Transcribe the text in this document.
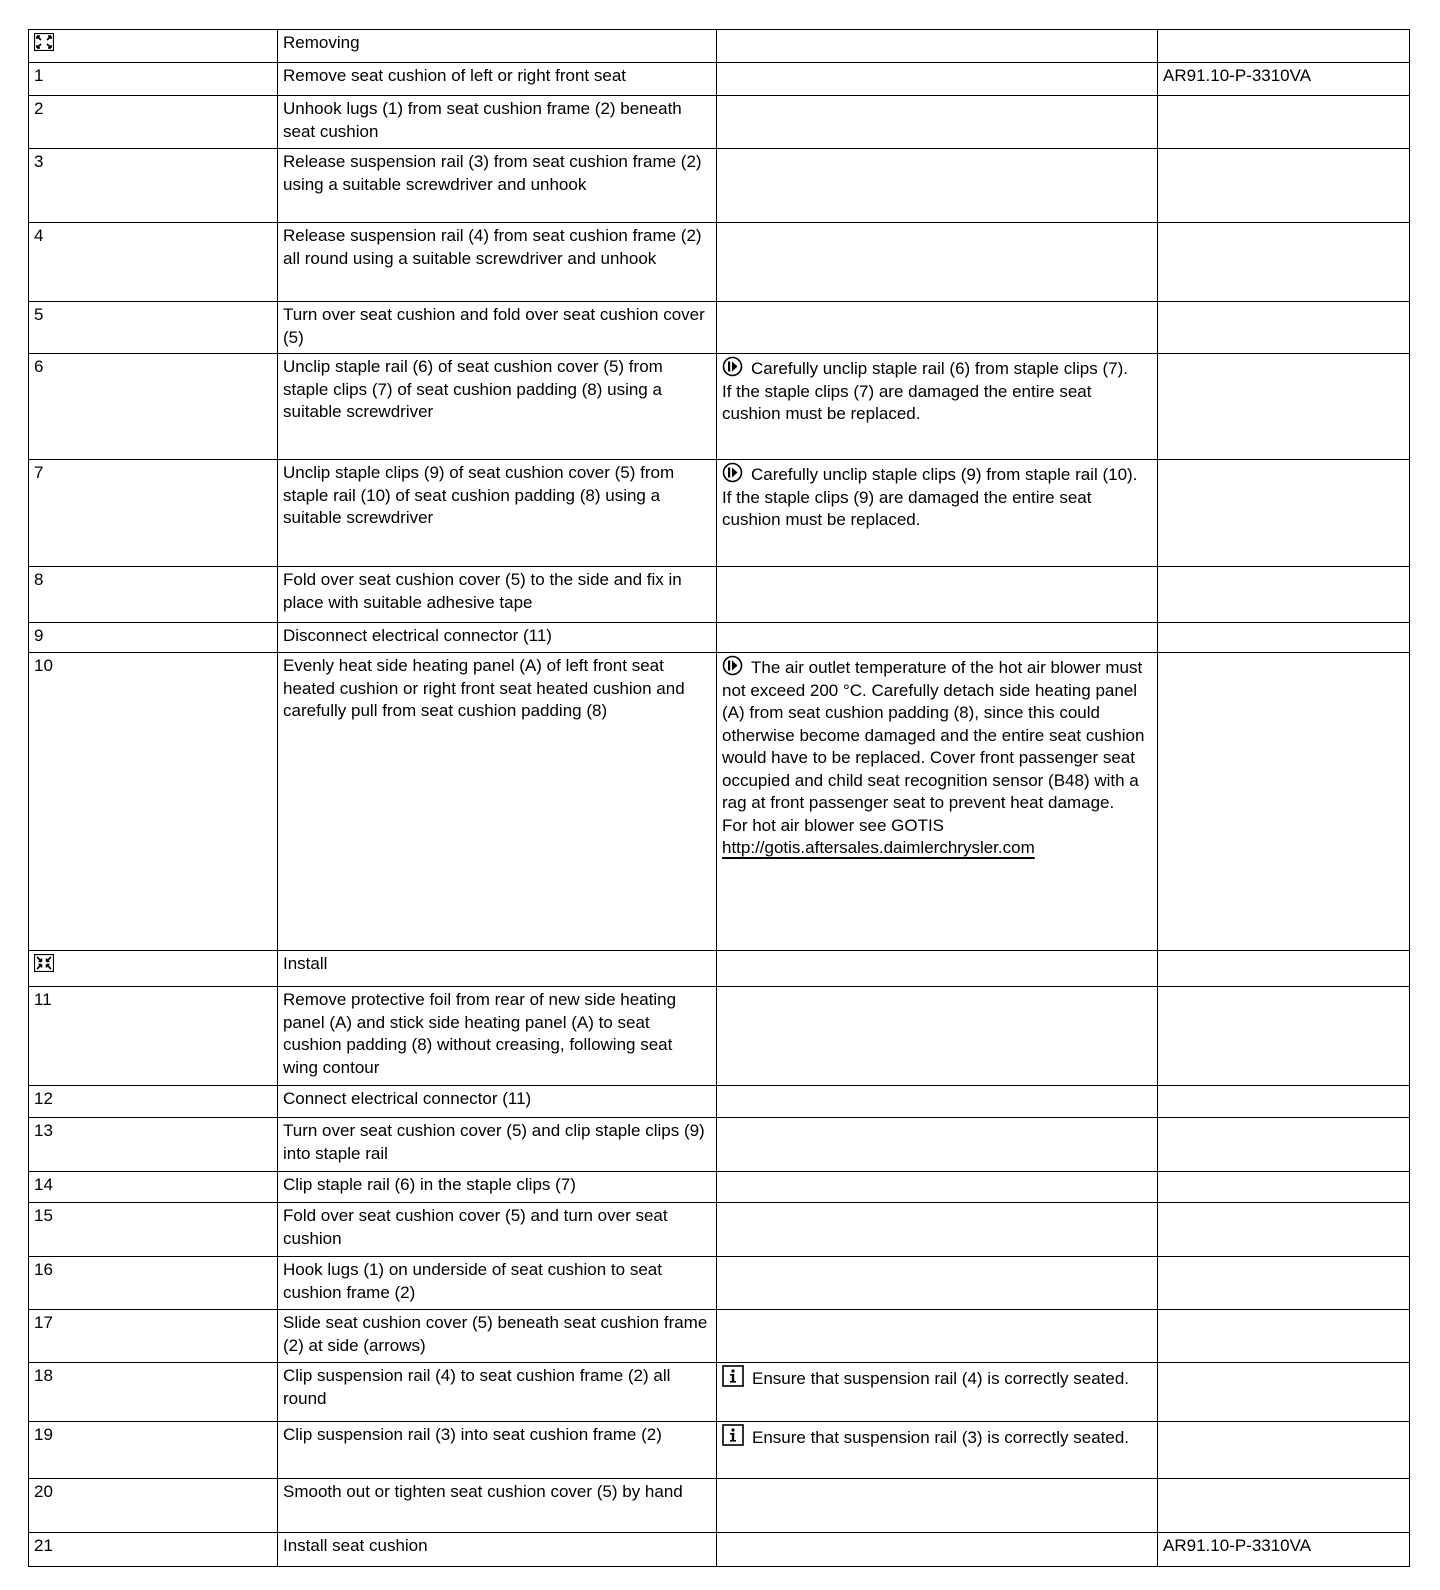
	Removing		
1	Remove seat cushion of left or right front seat		AR91.10-P-3310VA
2	Unhook lugs (1) from seat cushion frame (2) beneath seat cushion		
3	Release suspension rail (3) from seat cushion frame (2) using a suitable screwdriver and unhook		
4	Release suspension rail (4) from seat cushion frame (2) all round using a suitable screwdriver and unhook		
5	Turn over seat cushion and fold over seat cushion cover (5)		
6	Unclip staple rail (6) of seat cushion cover (5) from staple clips (7) of seat cushion padding (8) using a suitable screwdriver	Carefully unclip staple rail (6) from staple clips (7).
If the staple clips (7) are damaged the entire seat cushion must be replaced.	

7	Unclip staple clips (9) of seat cushion cover (5) from staple rail (10) of seat cushion padding (8) using a suitable screwdriver	Carefully unclip staple clips (9) from staple rail (10).
If the staple clips (9) are damaged the entire seat cushion must be replaced.	

8	Fold over seat cushion cover (5) to the side and fix in place with suitable adhesive tape		
9	Disconnect electrical connector (11)		
10	Evenly heat side heating panel (A) of left front seat heated cushion or right front seat heated cushion and carefully pull from seat cushion padding (8)	The air outlet temperature of the hot air blower must not exceed 200 °C. Carefully detach side heating panel (A) from seat cushion padding (8), since this could otherwise become damaged and the entire seat cushion would have to be replaced. Cover front passenger seat occupied and child seat recognition sensor (B48) with a rag at front passenger seat to prevent heat damage.
For hot air blower see GOTIS
http://gotis.aftersales.daimlerchrysler.com	

	Install		
11	Remove protective foil from rear of new side heating panel (A) and stick side heating panel (A) to seat cushion padding (8) without creasing, following seat wing contour		
12	Connect electrical connector (11)		
13	Turn over seat cushion cover (5) and clip staple clips (9) into staple rail		
14	Clip staple rail (6) in the staple clips (7)		
15	Fold over seat cushion cover (5) and turn over seat cushion		
16	Hook lugs (1) on underside of seat cushion to seat cushion frame (2)		
17	Slide seat cushion cover (5) beneath seat cushion frame (2) at side (arrows)		
18	Clip suspension rail (4) to seat cushion frame (2) all round	Ensure that suspension rail (4) is correctly seated.	
19	Clip suspension rail (3) into seat cushion frame (2)	Ensure that suspension rail (3) is correctly seated.	
20	Smooth out or tighten seat cushion cover (5) by hand		
21	Install seat cushion		AR91.10-P-3310VA
